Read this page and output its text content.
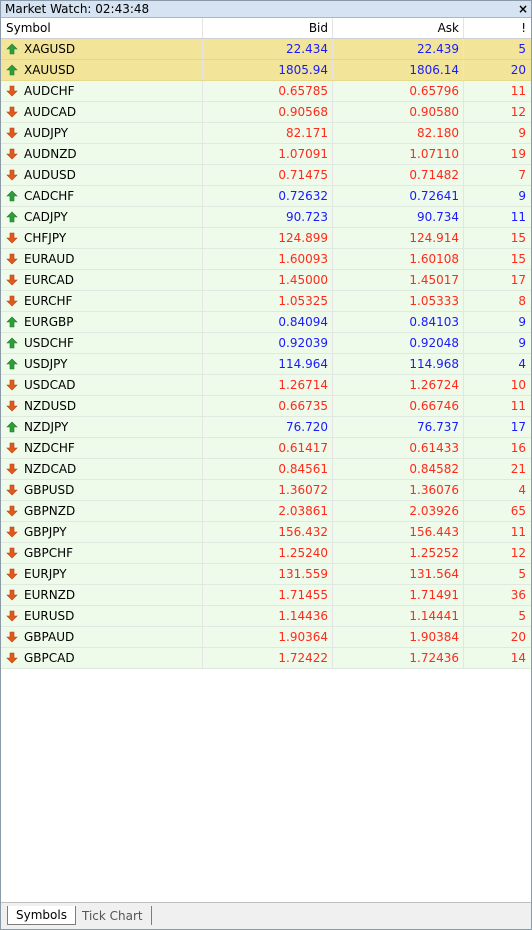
Market Watch: 02:43:48	×
Symbol	Bid	Ask	!
XAGUSD	22.434	22.439	5
XAUUSD	1805.94	1806.14	20
AUDCHF	0.65785	0.65796	11
AUDCAD	0.90568	0.90580	12
AUDJPY	82.171	82.180	9
AUDNZD	1.07091	1.07110	19
AUDUSD	0.71475	0.71482	7
CADCHF	0.72632	0.72641	9
CADJPY	90.723	90.734	11
CHFJPY	124.899	124.914	15
EURAUD	1.60093	1.60108	15
EURCAD	1.45000	1.45017	17
EURCHF	1.05325	1.05333	8
EURGBP	0.84094	0.84103	9
USDCHF	0.92039	0.92048	9
USDJPY	114.964	114.968	4
USDCAD	1.26714	1.26724	10
NZDUSD	0.66735	0.66746	11
NZDJPY	76.720	76.737	17
NZDCHF	0.61417	0.61433	16
NZDCAD	0.84561	0.84582	21
GBPUSD	1.36072	1.36076	4
GBPNZD	2.03861	2.03926	65
GBPJPY	156.432	156.443	11
GBPCHF	1.25240	1.25252	12
EURJPY	131.559	131.564	5
EURNZD	1.71455	1.71491	36
EURUSD	1.14436	1.14441	5
GBPAUD	1.90364	1.90384	20
GBPCAD	1.72422	1.72436	14
Symbols	Tick Chart
